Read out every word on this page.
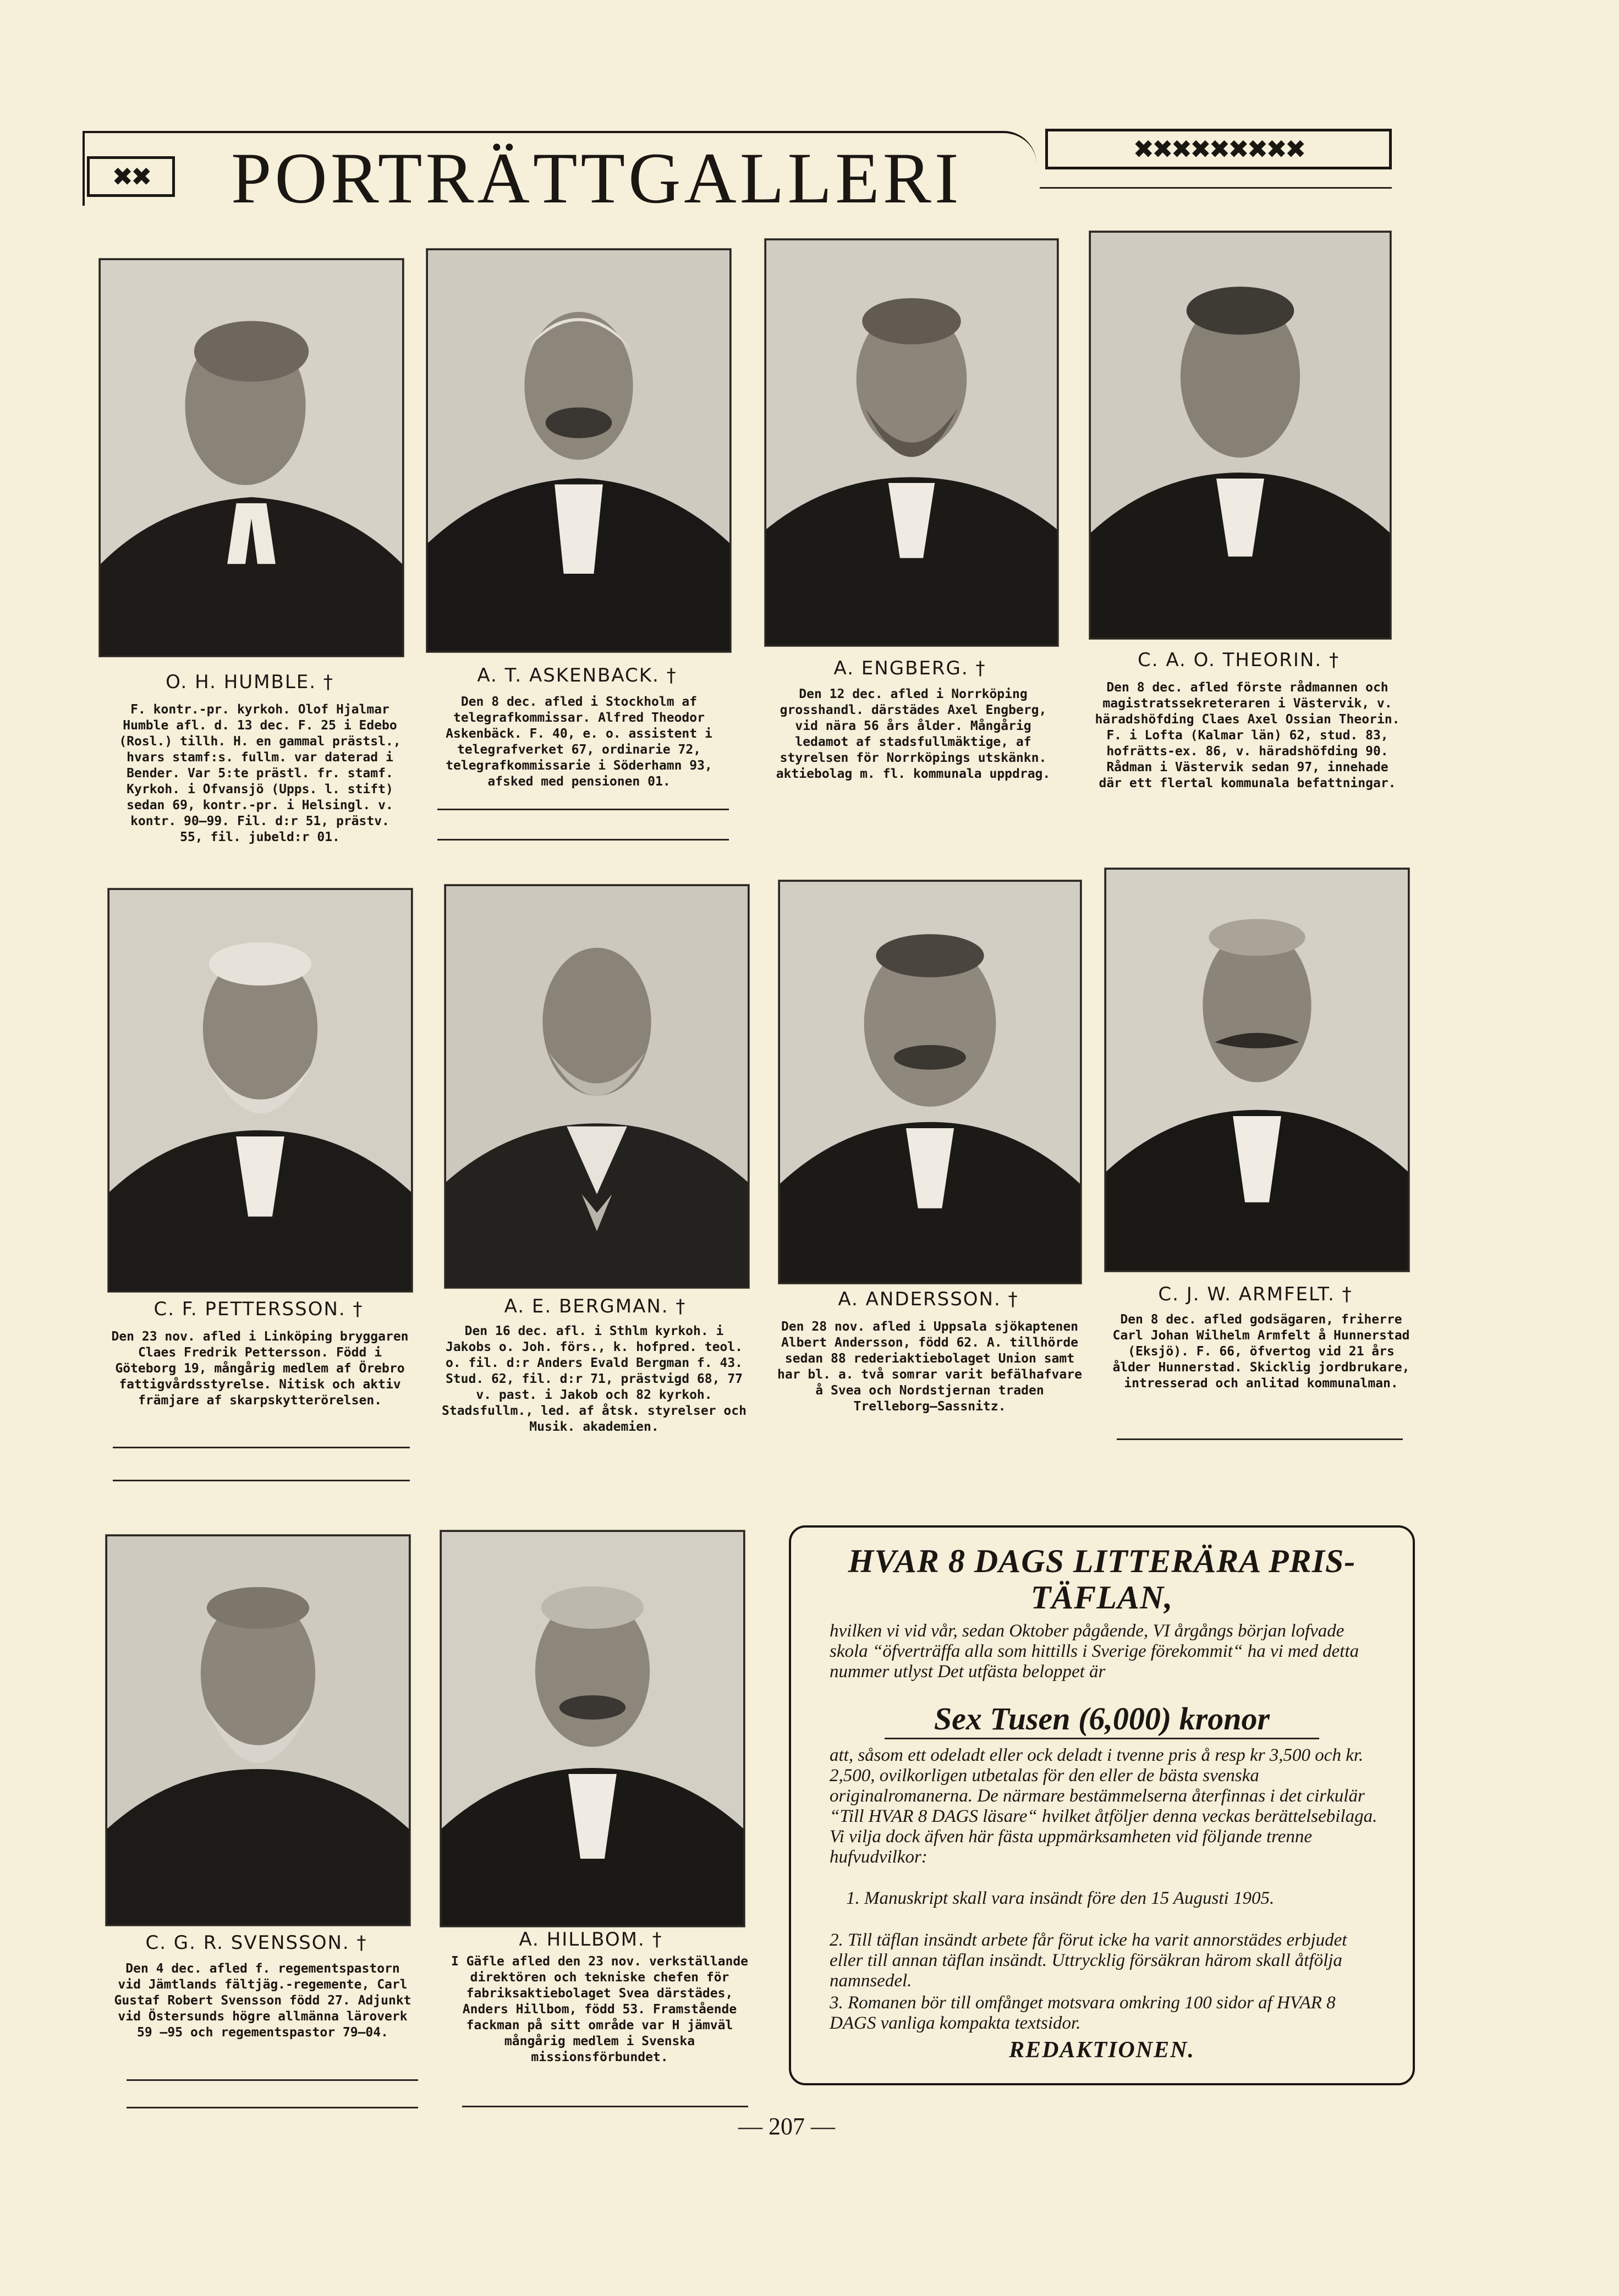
✖✖	PORTRÄTTGALLERI	✖✖✖✖✖✖✖✖✖
O. H. HUMBLE. †
F. kontr.-pr. kyrkoh. Olof Hjalmar Humble afl. d. 13 dec. F. 25 i Edebo (Rosl.) tillh. H. en gammal prästsl., hvars stamf:s. fullm. var daterad i Bender. Var 5:te prästl. fr. stamf. Kyrkoh. i Ofvansjö (Upps. l. stift) sedan 69, kontr.-pr. i Helsingl. v. kontr. 90—99. Fil. d:r 51, prästv. 55, fil. jubeld:r 01.
A. T. ASKENBACK. †
Den 8 dec. afled i Stockholm af telegrafkommissar. Alfred Theodor Askenbäck. F. 40, e. o. assistent i telegrafverket 67, ordinarie 72, telegrafkommissarie i Söderhamn 93, afsked med pensionen 01.
A. ENGBERG. †
Den 12 dec. afled i Norrköping grosshandl. därstädes Axel Engberg, vid nära 56 års ålder. Mångårig ledamot af stadsfullmäktige, af styrelsen för Norrköpings utskänkn. aktiebolag m. fl. kommunala uppdrag.
C. A. O. THEORIN. †
Den 8 dec. afled förste rådmannen och magistratssekreteraren i Västervik, v. häradshöfding Claes Axel Ossian Theorin. F. i Lofta (Kalmar län) 62, stud. 83, hofrätts-ex. 86, v. häradshöfding 90. Rådman i Västervik sedan 97, innehade där ett flertal kommunala befattningar.
C. F. PETTERSSON. †
Den 23 nov. afled i Linköping bryggaren Claes Fredrik Pettersson. Född i Göteborg 19, mångårig medlem af Örebro fattigvårdsstyrelse. Nitisk och aktiv främjare af skarpskytterörelsen.
A. E. BERGMAN. †
Den 16 dec. afl. i Sthlm kyrkoh. i Jakobs o. Joh. förs., k. hofpred. teol. o. fil. d:r Anders Evald Bergman f. 43. Stud. 62, fil. d:r 71, prästvigd 68, 77 v. past. i Jakob och 82 kyrkoh. Stadsfullm., led. af åtsk. styrelser och Musik. akademien.
A. ANDERSSON. †
Den 28 nov. afled i Uppsala sjökaptenen Albert Andersson, född 62. A. tillhörde sedan 88 rederiaktiebolaget Union samt har bl. a. två somrar varit befälhafvare å Svea och Nordstjernan traden Trelleborg—Sassnitz.
C. J. W. ARMFELT. †
Den 8 dec. afled godsägaren, friherre Carl Johan Wilhelm Armfelt å Hunnerstad (Eksjö). F. 66, öfvertog vid 21 års ålder Hunnerstad. Skicklig jordbrukare, intresserad och anlitad kommunalman.
C. G. R. SVENSSON. †
Den 4 dec. afled f. regementspastorn vid Jämtlands fältjäg.-regemente, Carl Gustaf Robert Svensson född 27. Adjunkt vid Östersunds högre allmänna läroverk 59 —95 och regementspastor 79—04.
A. HILLBOM. †
I Gäfle afled den 23 nov. verkställande direktören och tekniske chefen för fabriksaktiebolaget Svea därstädes, Anders Hillbom, född 53. Framstående fackman på sitt område var H jämväl mångårig medlem i Svenska missionsförbundet.
HVAR 8 DAGS LITTERÄRA PRIS-
TÄFLAN,
hvilken vi vid vår, sedan Oktober pågående, VI årgångs början lofvade skola “öfverträffa alla som hittills i Sverige förekommit“ ha vi med detta nummer utlyst Det utfästa beloppet är
Sex Tusen (6,000) kronor
att, såsom ett odeladt eller ock deladt i tvenne pris å resp kr 3,500 och kr. 2,500, ovilkorligen utbetalas för den eller de bästa svenska originalromanerna. De närmare bestämmelserna återfinnas i det cirkulär “Till HVAR 8 DAGS läsare“ hvilket åtföljer denna veckas berättelsebilaga. Vi vilja dock äfven här fästa uppmärksamheten vid följande trenne hufvudvilkor:
1. Manuskript skall vara insändt före den 15 Augusti 1905.
2. Till täflan insändt arbete får förut icke ha varit annorstädes erbjudet eller till annan täflan insändt. Uttrycklig försäkran härom skall åtfölja namnsedel.
3. Romanen bör till omfånget motsvara omkring 100 sidor af HVAR 8 DAGS vanliga kompakta textsidor.
REDAKTIONEN.
— 207 —
